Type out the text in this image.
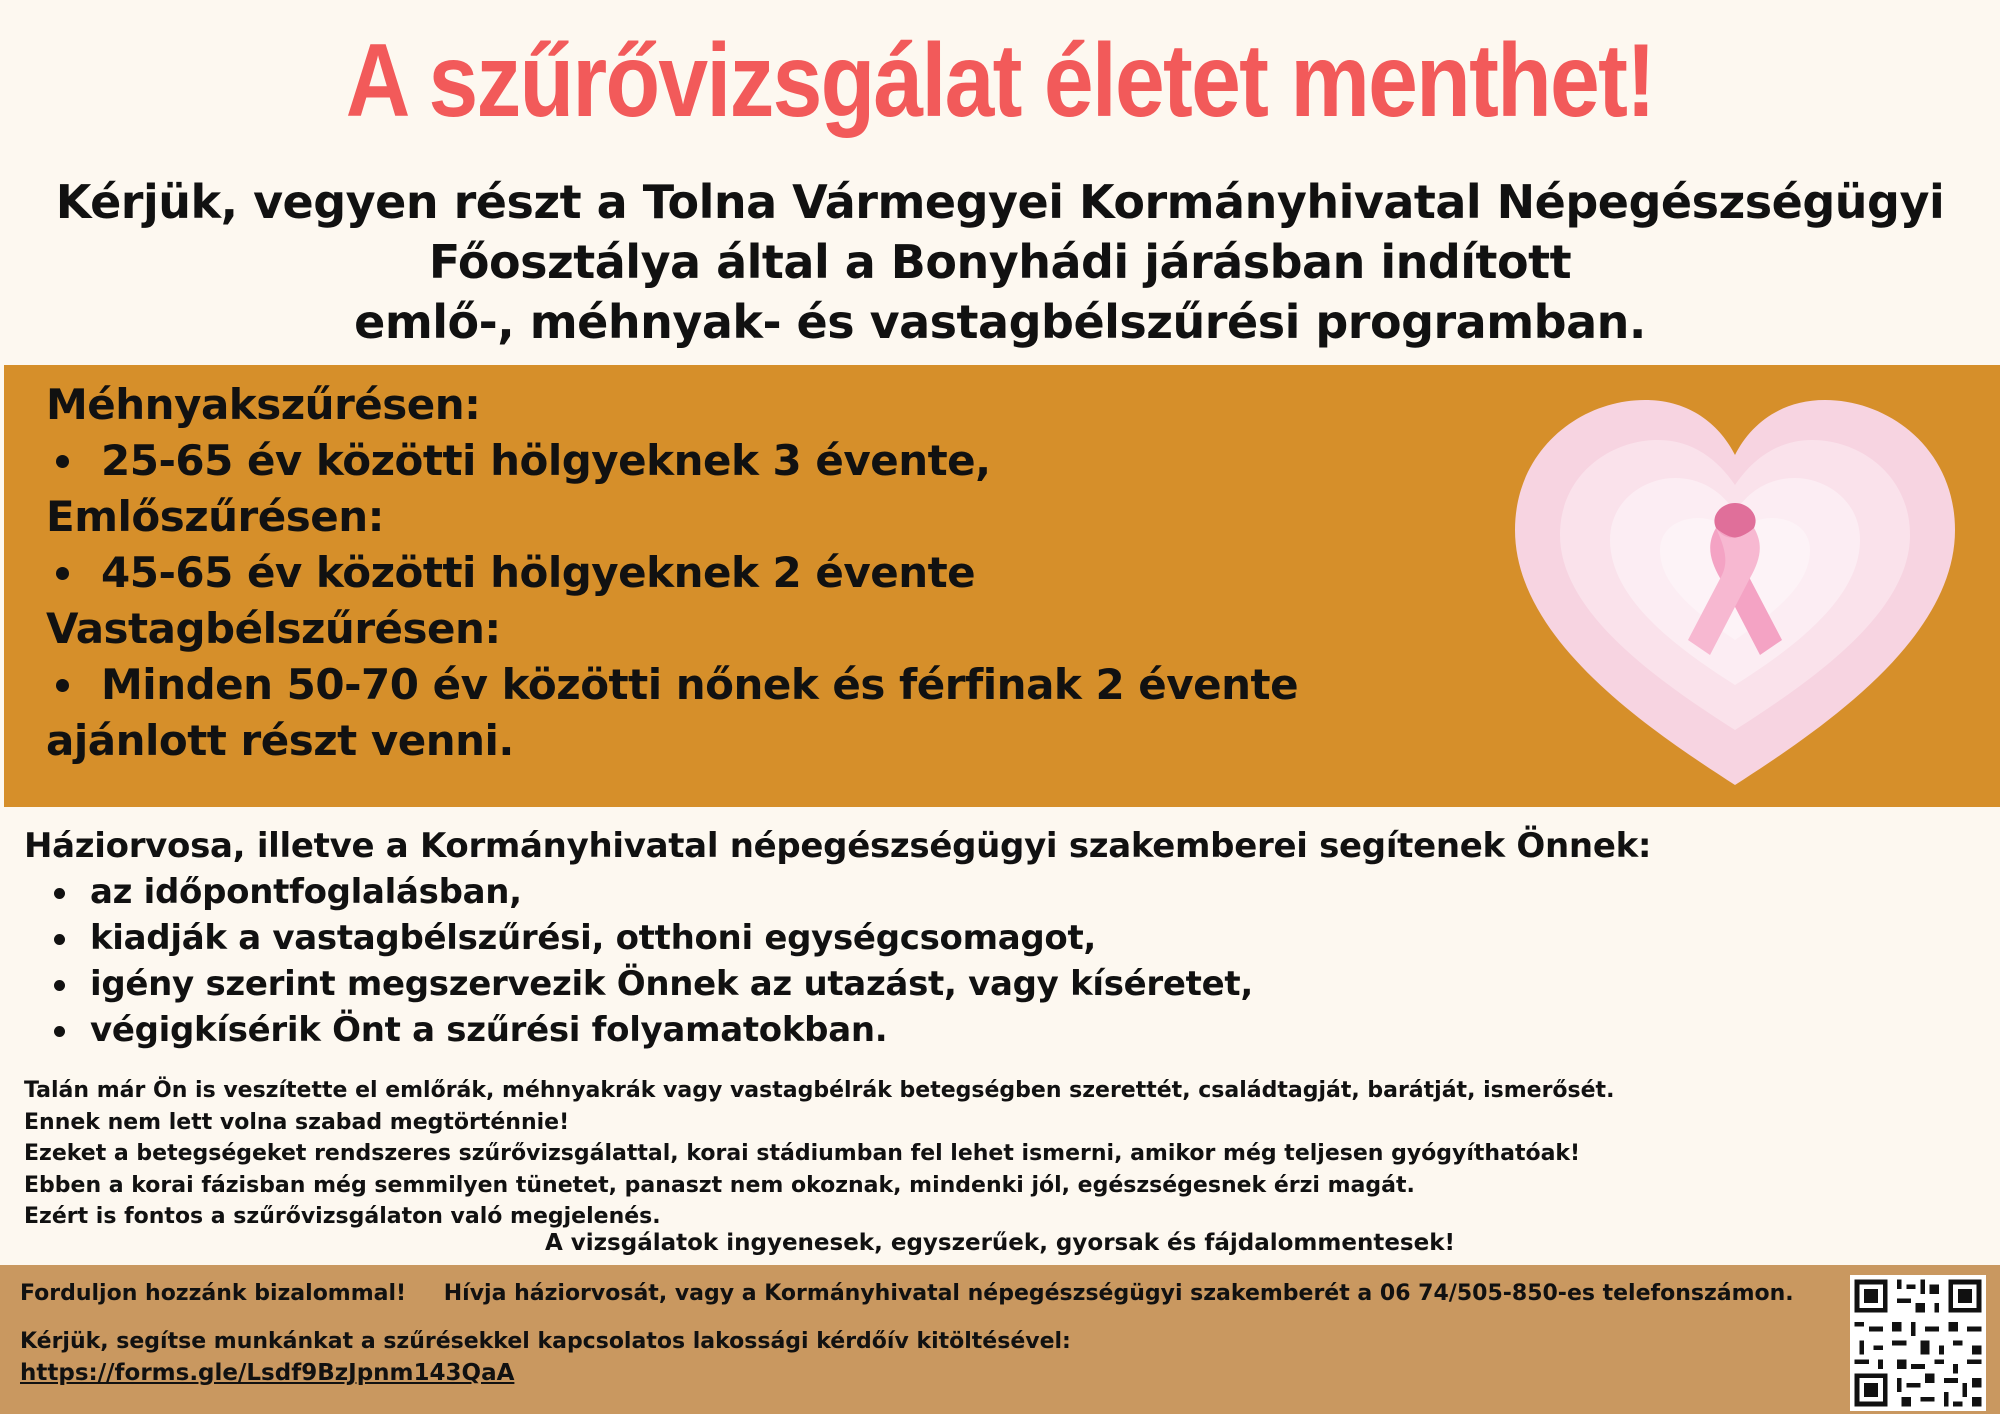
A szűrővizsgálat életet menthet!
Kérjük, vegyen részt a Tolna Vármegyei Kormányhivatal Népegészségügyi
Főosztálya által a Bonyhádi járásban indított
emlő-, méhnyak- és vastagbélszűrési programban.
Méhnyakszűrésen:
25-65 év közötti hölgyeknek 3 évente,
Emlőszűrésen:
45-65 év közötti hölgyeknek 2 évente
Vastagbélszűrésen:
Minden 50-70 év közötti nőnek és férfinak 2 évente
ajánlott részt venni.
Háziorvosa, illetve a Kormányhivatal népegészségügyi szakemberei segítenek Önnek:
az időpontfoglalásban,
kiadják a vastagbélszűrési, otthoni egységcsomagot,
igény szerint megszervezik Önnek az utazást, vagy kíséretet,
végigkísérik Önt a szűrési folyamatokban.
Talán már Ön is veszítette el emlőrák, méhnyakrák vagy vastagbélrák betegségben szerettét, családtagját, barátját, ismerősét.
Ennek nem lett volna szabad megtörténnie!
Ezeket a betegségeket rendszeres szűrővizsgálattal, korai stádiumban fel lehet ismerni, amikor még teljesen gyógyíthatóak!
Ebben a korai fázisban még semmilyen tünetet, panaszt nem okoznak, mindenki jól, egészségesnek érzi magát.
Ezért is fontos a szűrővizsgálaton való megjelenés.
A vizsgálatok ingyenesek, egyszerűek, gyorsak és fájdalommentesek!
Forduljon hozzánk bizalommal! Hívja háziorvosát, vagy a Kormányhivatal népegészségügyi szakemberét a 06 74/505-850-es telefonszámon.
Kérjük, segítse munkánkat a szűrésekkel kapcsolatos lakossági kérdőív kitöltésével:
https://forms.gle/Lsdf9BzJpnm143QaA
